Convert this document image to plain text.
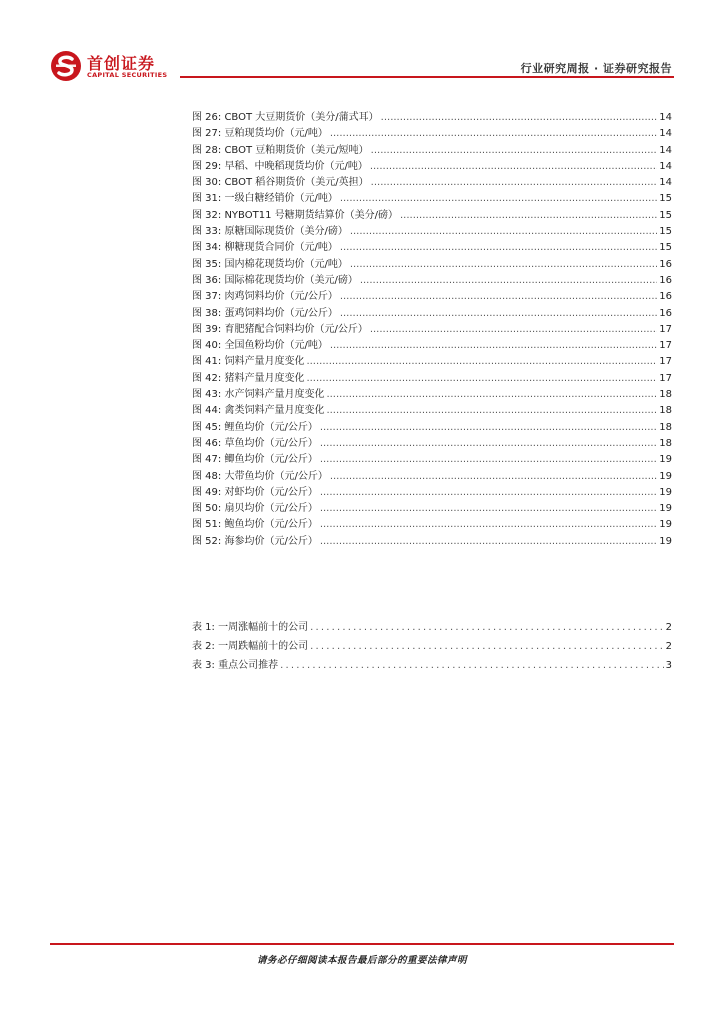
首创证券
CAPITAL SECURITIES	行业研究周报 · 证券研究报告
图 26: CBOT 大豆期货价（美分/蒲式耳） .....	14
图 27: 豆粕现货均价（元/吨） .....	14
图 28: CBOT 豆粕期货价（美元/短吨） .....	14
图 29: 早稻、中晚稻现货均价（元/吨） .....	14
图 30: CBOT 稻谷期货价（美元/英担） .....	14
图 31: 一级白糖经销价（元/吨） .....	15
图 32: NYBOT11 号糖期货结算价（美分/磅） .....	15
图 33: 原糖国际现货价（美分/磅） .....	15
图 34: 柳糖现货合同价（元/吨） .....	15
图 35: 国内棉花现货均价（元/吨） .....	16
图 36: 国际棉花现货均价（美元/磅） .....	16
图 37: 肉鸡饲料均价（元/公斤） .....	16
图 38: 蛋鸡饲料均价（元/公斤） .....	16
图 39: 育肥猪配合饲料均价（元/公斤） .....	17
图 40: 全国鱼粉均价（元/吨） .....	17
图 41: 饲料产量月度变化 .....	17
图 42: 猪料产量月度变化 .....	17
图 43: 水产饲料产量月度变化 .....	18
图 44: 禽类饲料产量月度变化 .....	18
图 45: 鲤鱼均价（元/公斤） .....	18
图 46: 草鱼均价（元/公斤） .....	18
图 47: 鲫鱼均价（元/公斤） .....	19
图 48: 大带鱼均价（元/公斤） .....	19
图 49: 对虾均价（元/公斤） .....	19
图 50: 扇贝均价（元/公斤） .....	19
图 51: 鲍鱼均价（元/公斤） .....	19
图 52: 海参均价（元/公斤） .....	19
表 1: 一周涨幅前十的公司 .....	2
表 2: 一周跌幅前十的公司 .....	2
表 3: 重点公司推荐 .....	3
请务必仔细阅读本报告最后部分的重要法律声明
